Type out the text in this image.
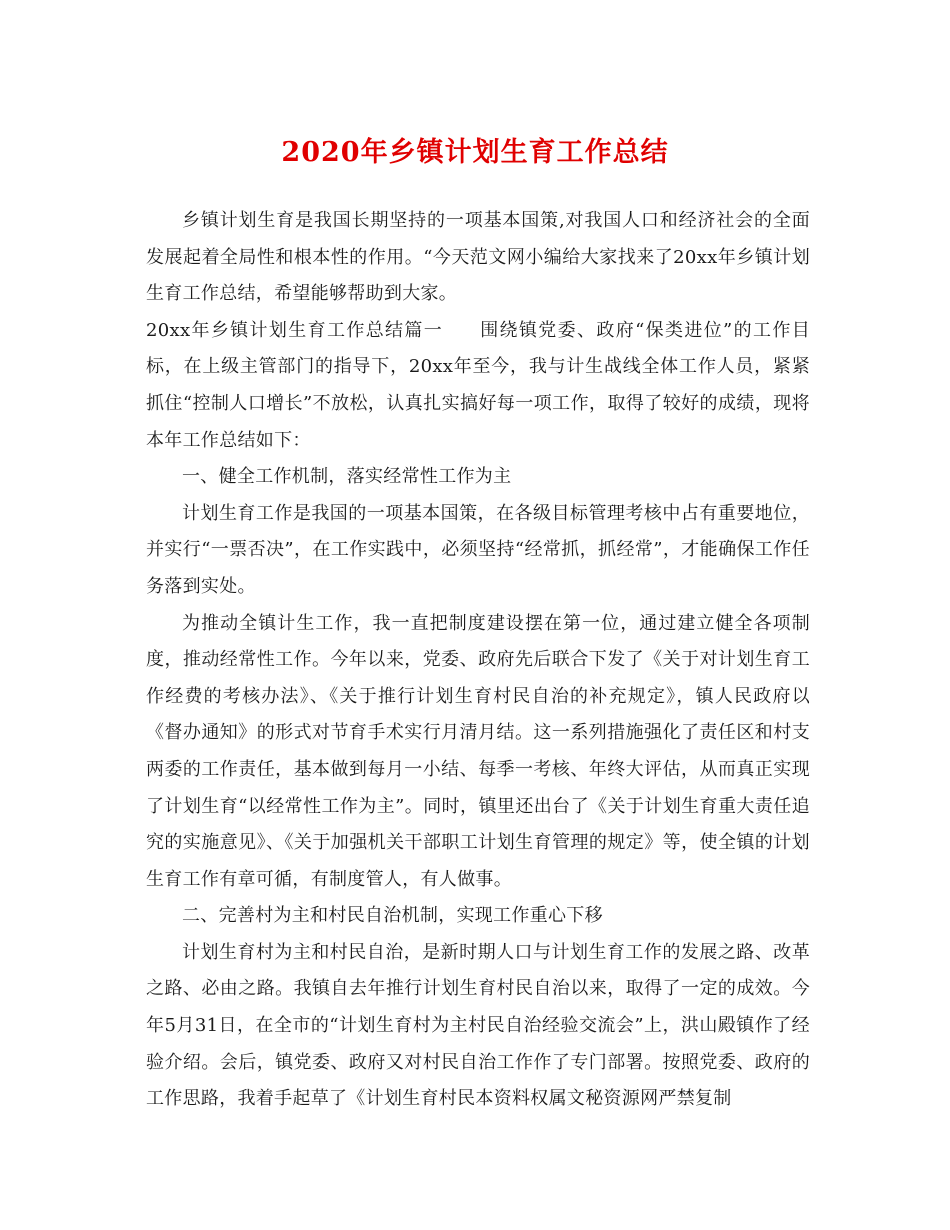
2020年乡镇计划生育工作总结

乡镇计划生育是我国长期坚持的一项基本国策,对我国人口和经济社会的全面发展起着全局性和根本性的作用。“今天范文网小编给大家找来了20xx年乡镇计划生育工作总结，希望能够帮助到大家。

20xx年乡镇计划生育工作总结篇一 围绕镇党委、政府“保类进位”的工作目标，在上级主管部门的指导下，20xx年至今，我与计生战线全体工作人员，紧紧抓住“控制人口增长”不放松，认真扎实搞好每一项工作，取得了较好的成绩，现将本年工作总结如下：

一、健全工作机制，落实经常性工作为主

计划生育工作是我国的一项基本国策，在各级目标管理考核中占有重要地位，并实行“一票否决”，在工作实践中，必须坚持“经常抓，抓经常”，才能确保工作任务落到实处。

为推动全镇计生工作，我一直把制度建设摆在第一位，通过建立健全各项制度，推动经常性工作。今年以来，党委、政府先后联合下发了《关于对计划生育工作经费的考核办法》、《关于推行计划生育村民自治的补充规定》，镇人民政府以《督办通知》的形式对节育手术实行月清月结。这一系列措施强化了责任区和村支两委的工作责任，基本做到每月一小结、每季一考核、年终大评估，从而真正实现了计划生育“以经常性工作为主”。同时，镇里还出台了《关于计划生育重大责任追究的实施意见》、《关于加强机关干部职工计划生育管理的规定》等，使全镇的计划生育工作有章可循，有制度管人，有人做事。

二、完善村为主和村民自治机制，实现工作重心下移

计划生育村为主和村民自治，是新时期人口与计划生育工作的发展之路、改革之路、必由之路。我镇自去年推行计划生育村民自治以来，取得了一定的成效。今年5月31日，在全市的“计划生育村为主村民自治经验交流会”上，洪山殿镇作了经验介绍。会后，镇党委、政府又对村民自治工作作了专门部署。按照党委、政府的工作思路，我着手起草了《计划生育村民本资料权属文秘资源网严禁复制
